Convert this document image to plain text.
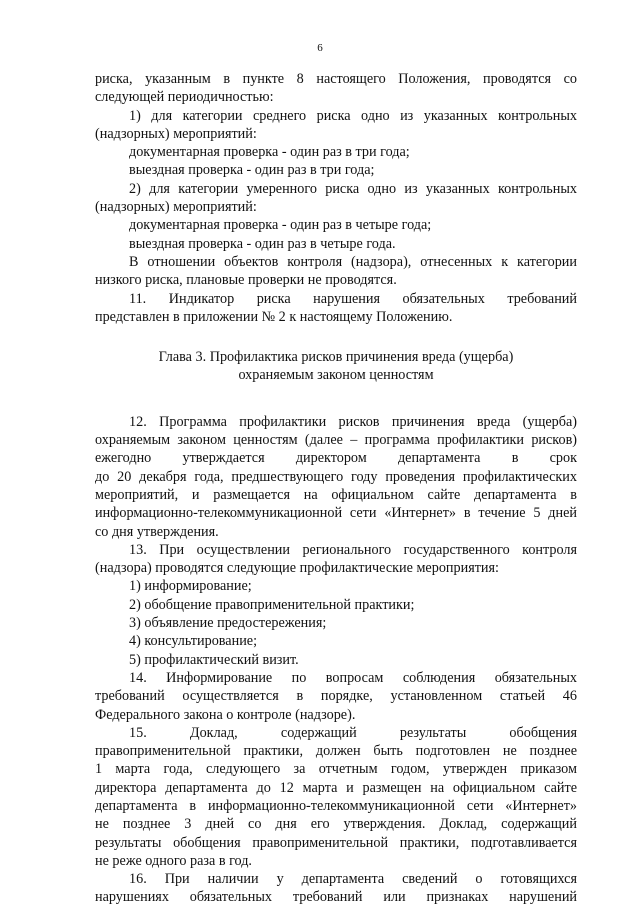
6
риска, указанным в пункте 8 настоящего Положения, проводятся со
следующей периодичностью:
1) для категории среднего риска одно из указанных контрольных
(надзорных) мероприятий:
документарная проверка - один раз в три года;
выездная проверка - один раз в три года;
2) для категории умеренного риска одно из указанных контрольных
(надзорных) мероприятий:
документарная проверка - один раз в четыре года;
выездная проверка - один раз в четыре года.
В отношении объектов контроля (надзора), отнесенных к категории
низкого риска, плановые проверки не проводятся.
11. Индикатор риска нарушения обязательных требований
представлен в приложении № 2 к настоящему Положению.
Глава 3. Профилактика рисков причинения вреда (ущерба)
охраняемым законом ценностям
12. Программа профилактики рисков причинения вреда (ущерба)
охраняемым законом ценностям (далее – программа профилактики рисков)
ежегодно утверждается директором департамента в срок
до 20 декабря года, предшествующего году проведения профилактических
мероприятий, и размещается на официальном сайте департамента в
информационно-телекоммуникационной сети «Интернет» в течение 5 дней
со дня утверждения.
13. При осуществлении регионального государственного контроля
(надзора) проводятся следующие профилактические мероприятия:
1) информирование;
2) обобщение правоприменительной практики;
3) объявление предостережения;
4) консультирование;
5) профилактический визит.
14. Информирование по вопросам соблюдения обязательных
требований осуществляется в порядке, установленном статьей 46
Федерального закона о контроле (надзоре).
15. Доклад, содержащий результаты обобщения
правоприменительной практики, должен быть подготовлен не позднее
1 марта года, следующего за отчетным годом, утвержден приказом
директора департамента до 12 марта и размещен на официальном сайте
департамента в информационно-телекоммуникационной сети «Интернет»
не позднее 3 дней со дня его утверждения. Доклад, содержащий
результаты обобщения правоприменительной практики, подготавливается
не реже одного раза в год.
16. При наличии у департамента сведений о готовящихся
нарушениях обязательных требований или признаках нарушений
